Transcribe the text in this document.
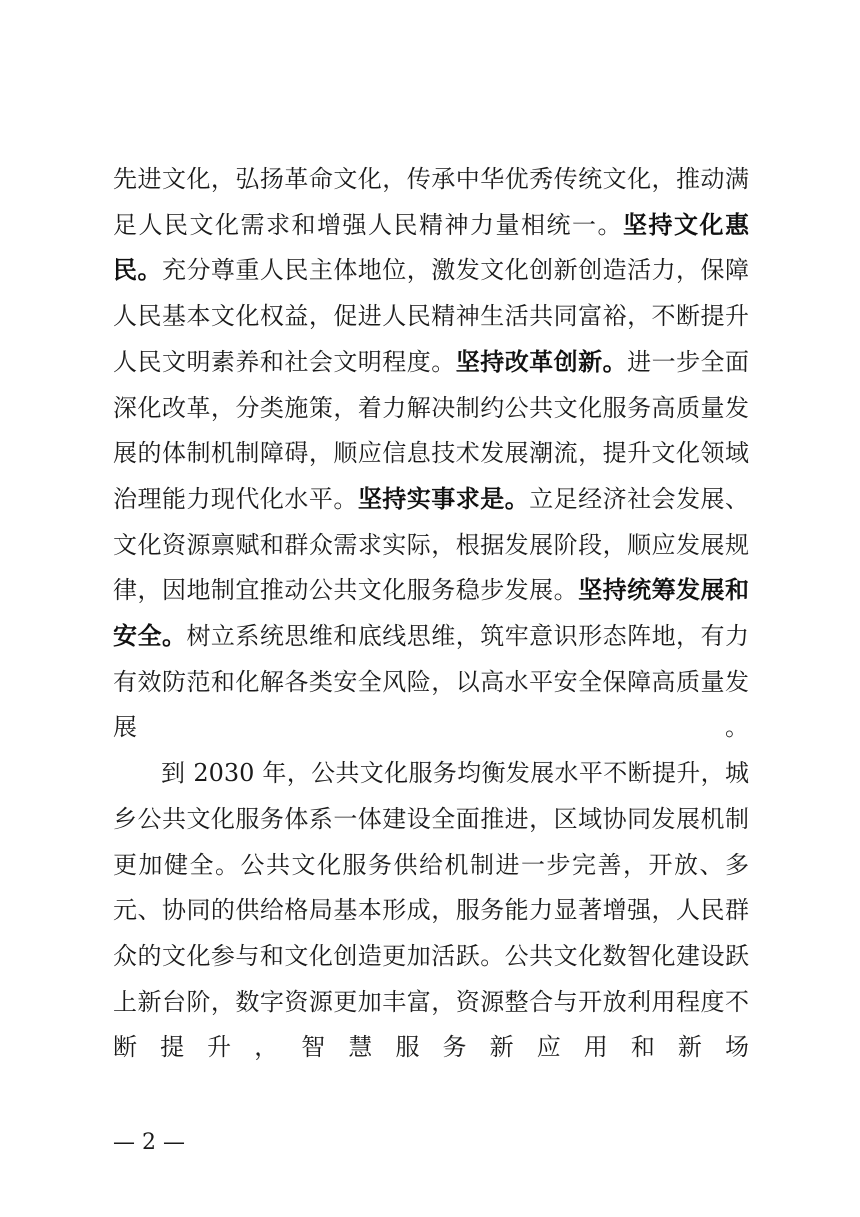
先进文化，弘扬革命文化，传承中华优秀传统文化，推动满足人民文化需求和增强人民精神力量相统一。坚持文化惠民。充分尊重人民主体地位，激发文化创新创造活力，保障人民基本文化权益，促进人民精神生活共同富裕，不断提升人民文明素养和社会文明程度。坚持改革创新。进一步全面深化改革，分类施策，着力解决制约公共文化服务高质量发展的体制机制障碍，顺应信息技术发展潮流，提升文化领域治理能力现代化水平。坚持实事求是。立足经济社会发展、文化资源禀赋和群众需求实际，根据发展阶段，顺应发展规律，因地制宜推动公共文化服务稳步发展。坚持统筹发展和安全。树立系统思维和底线思维，筑牢意识形态阵地，有力有效防范和化解各类安全风险，以高水平安全保障高质量发展。

到 2030 年，公共文化服务均衡发展水平不断提升，城乡公共文化服务体系一体建设全面推进，区域协同发展机制更加健全。公共文化服务供给机制进一步完善，开放、多元、协同的供给格局基本形成，服务能力显著增强，人民群众的文化参与和文化创造更加活跃。公共文化数智化建设跃上新台阶，数字资源更加丰富，资源整合与开放利用程度不断提升，智慧服务新应用和新场

— 2 —
